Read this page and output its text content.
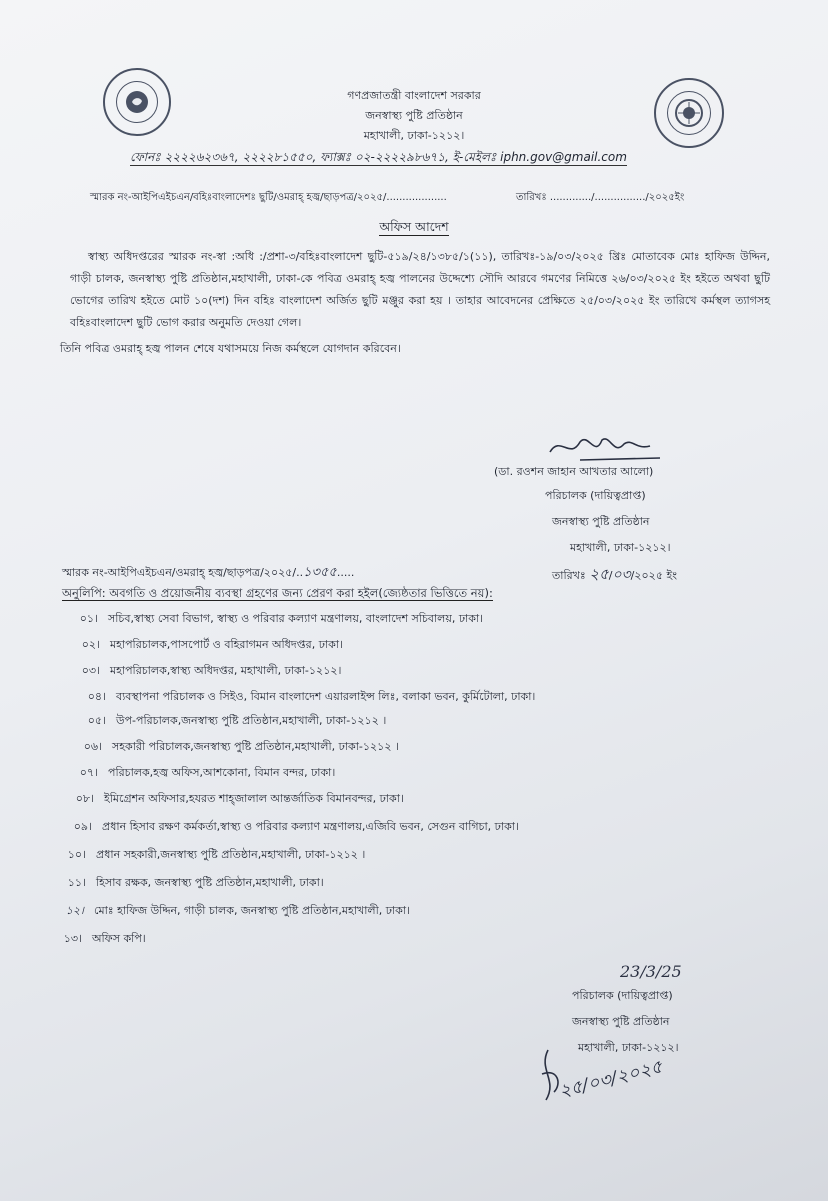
গণপ্রজাতন্ত্রী বাংলাদেশ সরকার
জনস্বাস্থ্য পুষ্টি প্রতিষ্ঠান
মহাখালী, ঢাকা-১২১২।
ফোনঃ ২২২২৬২৩৬৭, ২২২২৮১৫৫০, ফ্যাক্সঃ ০২-২২২২৯৮৬৭১, ই-মেইলঃ iphn.gov@gmail.com
স্মারক নং-আইপিএইচএন/বহিঃবাংলাদেশঃ ছুটি/ওমরাহ্ হজ্ব/ছাড়পত্র/২০২৫/...................	তারিখঃ ............./................/২০২৫ইং
অফিস আদেশ

স্বাস্থ্য অধিদপ্তরের স্মারক নং-স্বা :অধি :/প্রশা-৩/বহিঃবাংলাদেশ ছুটি-৫১৯/২৪/১৩৮৫/১(১১), তারিখঃ-১৯/০৩/২০২৫ খ্রিঃ মোতাবেক মোঃ হাফিজ উদ্দিন, গাড়ী চালক, জনস্বাস্থ্য পুষ্টি প্রতিষ্ঠান,মহাখালী, ঢাকা-কে পবিত্র ওমরাহ্ হজ্ব পালনের উদ্দেশ্যে সৌদি আরবে গমণের নিমিত্তে ২৬/০৩/২০২৫ ইং হইতে অথবা ছুটি ভোগের তারিখ হইতে মোট ১০(দশ) দিন বহিঃ বাংলাদেশ অর্জিত ছুটি মঞ্জুর করা হয় । তাহার আবেদনের প্রেক্ষিতে ২৫/০৩/২০২৫ ইং তারিখে কর্মস্থল ত্যাগসহ বহিঃবাংলাদেশ ছুটি ভোগ করার অনুমতি দেওয়া গেল।

তিনি পবিত্র ওমরাহ্ হজ্ব পালন শেষে যথাসময়ে নিজ কর্মস্থলে যোগদান করিবেন।

(ডা. রওশন জাহান আখতার আলো)
পরিচালক (দায়িত্বপ্রাপ্ত)
জনস্বাস্থ্য পুষ্টি প্রতিষ্ঠান
মহাখালী, ঢাকা-১২১২।
স্মারক নং-আইপিএইচএন/ওমরাহ্ হজ্ব/ছাড়পত্র/২০২৫/..১৩৫৫.....	তারিখঃ ২৫/০৩/২০২৫ ইং
অনুলিপি: অবগতি ও প্রয়োজনীয় ব্যবস্থা গ্রহণের জন্য প্রেরণ করা হইল(জ্যেষ্ঠতার ভিত্তিতে নয়):
০১। সচিব,স্বাস্থ্য সেবা বিভাগ, স্বাস্থ্য ও পরিবার কল্যাণ মন্ত্রণালয়, বাংলাদেশ সচিবালয়, ঢাকা।
০২। মহাপরিচালক,পাসপোর্ট ও বহিরাগমন অধিদপ্তর, ঢাকা।
০৩। মহাপরিচালক,স্বাস্থ্য অধিদপ্তর, মহাখালী, ঢাকা-১২১২।
০৪। ব্যবস্থাপনা পরিচালক ও সিইও, বিমান বাংলাদেশ এয়ারলাইন্স লিঃ, বলাকা ভবন, কুর্মিটোলা, ঢাকা।
০৫। উপ-পরিচালক,জনস্বাস্থ্য পুষ্টি প্রতিষ্ঠান,মহাখালী, ঢাকা-১২১২ ।
০৬। সহকারী পরিচালক,জনস্বাস্থ্য পুষ্টি প্রতিষ্ঠান,মহাখালী, ঢাকা-১২১২ ।
০৭। পরিচালক,হজ্ব অফিস,আশকোনা, বিমান বন্দর, ঢাকা।
০৮। ইমিগ্রেশন অফিসার,হযরত শাহ্জালাল আন্তর্জাতিক বিমানবন্দর, ঢাকা।
০৯। প্রধান হিসাব রক্ষণ কর্মকর্তা,স্বাস্থ্য ও পরিবার কল্যাণ মন্ত্রণালয়,এজিবি ভবন, সেগুন বাগিচা, ঢাকা।
১০। প্রধান সহকারী,জনস্বাস্থ্য পুষ্টি প্রতিষ্ঠান,মহাখালী, ঢাকা-১২১২ ।
১১। হিসাব রক্ষক, জনস্বাস্থ্য পুষ্টি প্রতিষ্ঠান,মহাখালী, ঢাকা।
১২। মোঃ হাফিজ উদ্দিন, গাড়ী চালক, জনস্বাস্থ্য পুষ্টি প্রতিষ্ঠান,মহাখালী, ঢাকা।
১৩। অফিস কপি।
23/3/25
পরিচালক (দায়িত্বপ্রাপ্ত)
জনস্বাস্থ্য পুষ্টি প্রতিষ্ঠান
মহাখালী, ঢাকা-১২১২।
২৫/০৩/২০২৫
